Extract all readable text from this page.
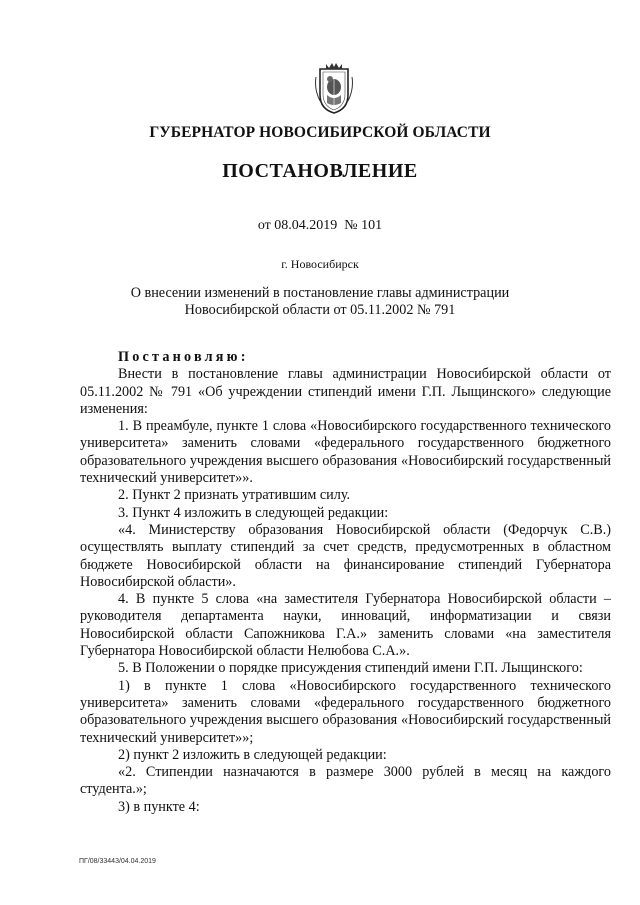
ГУБЕРНАТОР НОВОСИБИРСКОЙ ОБЛАСТИ
ПОСТАНОВЛЕНИЕ
от 08.04.2019  № 101
г. Новосибирск
О внесении изменений в постановление главы администрации
Новосибирской области от 05.11.2002 № 791

Постановляю:

Внести в постановление главы администрации Новосибирской области от 05.11.2002 № 791 «Об учреждении стипендий имени Г.П. Лыщинского» следующие изменения:

1. В преамбуле, пункте 1 слова «Новосибирского государственного технического университета» заменить словами «федерального государственного бюджетного образовательного учреждения высшего образования «Новосибирский государственный технический университет»».

2. Пункт 2 признать утратившим силу.

3. Пункт 4 изложить в следующей редакции:

«4. Министерству образования Новосибирской области (Федорчук С.В.) осуществлять выплату стипендий за счет средств, предусмотренных в областном бюджете Новосибирской области на финансирование стипендий Губернатора Новосибирской области».

4. В пункте 5 слова «на заместителя Губернатора Новосибирской области – руководителя департамента науки, инноваций, информатизации и связи Новосибирской области Сапожникова Г.А.» заменить словами «на заместителя Губернатора Новосибирской области Нелюбова С.А.».

5. В Положении о порядке присуждения стипендий имени Г.П. Лыщинского:

1) в пункте 1 слова «Новосибирского государственного технического университета» заменить словами «федерального государственного бюджетного образовательного учреждения высшего образования «Новосибирский государственный технический университет»»;

2) пункт 2 изложить в следующей редакции:

«2. Стипендии назначаются в размере 3000 рублей в месяц на каждого студента.»;

3) в пункте 4:

ПГ/08/33443/04.04.2019
